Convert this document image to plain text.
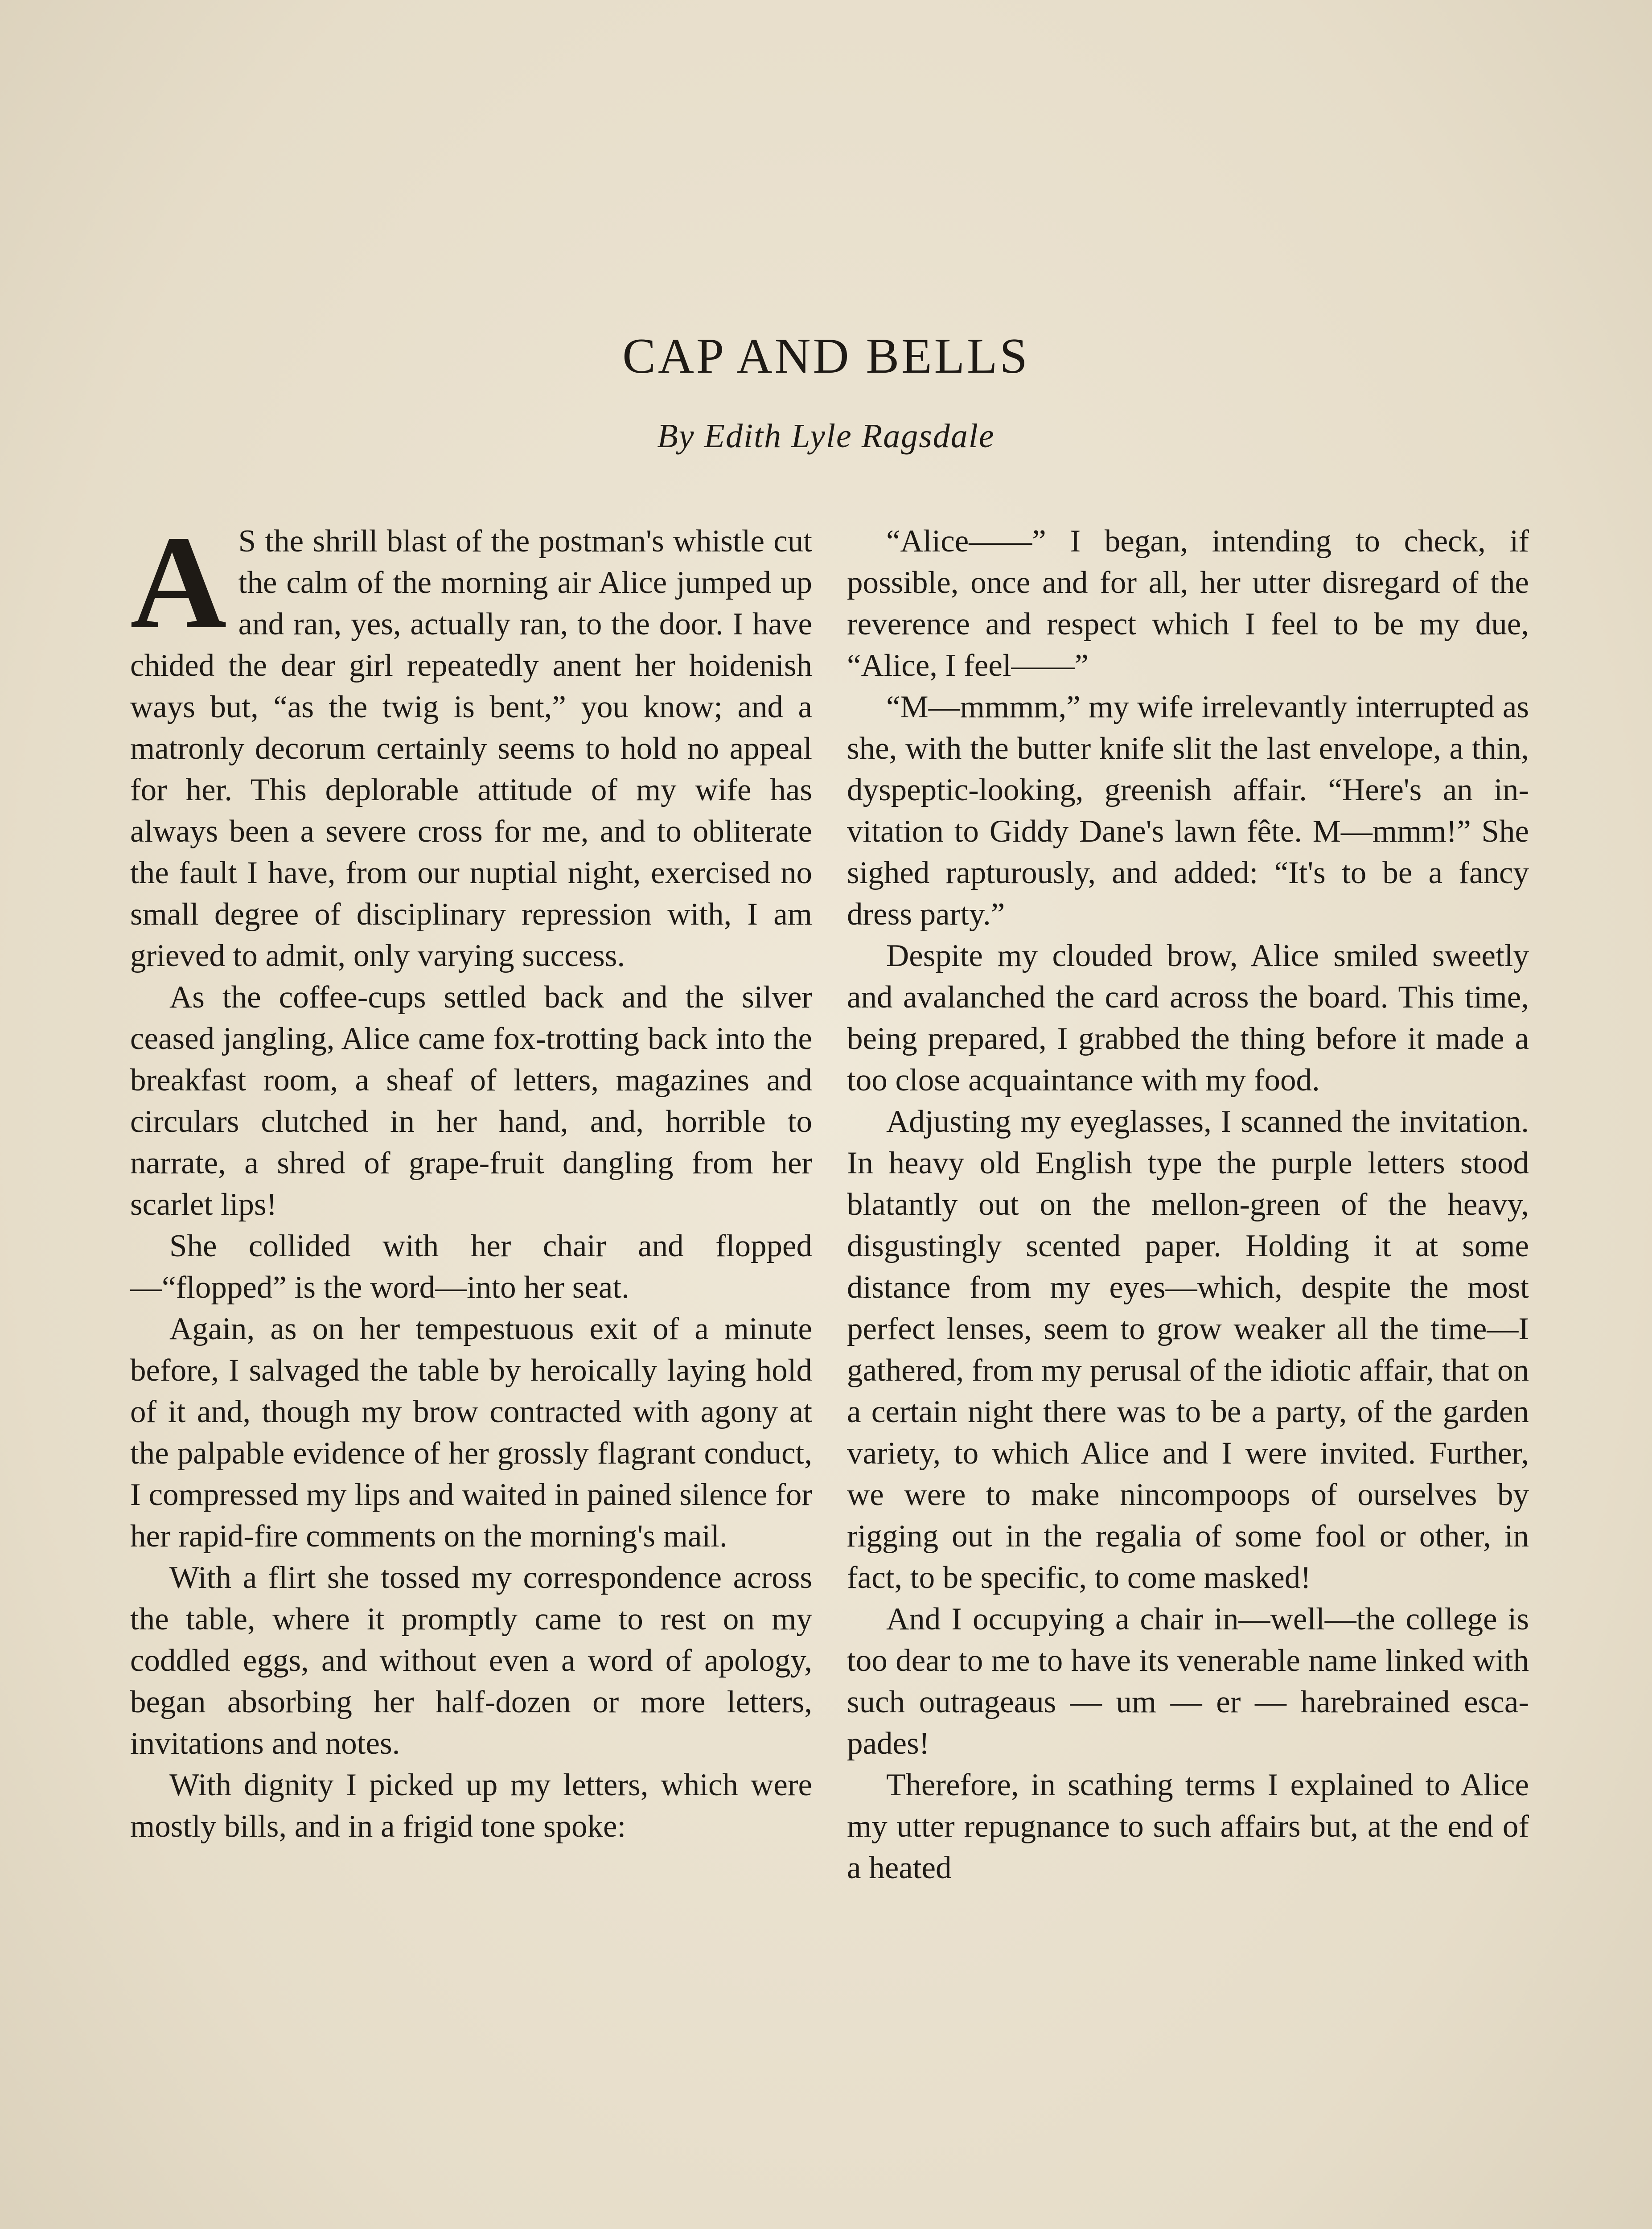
CAP AND BELLS
By Edith Lyle Ragsdale

A S the shrill blast of the postman's whistle cut the calm of the morning air Alice jumped up and ran, yes, actually ran, to the door. I have chided the dear girl repeatedly anent her hoidenish ways but, “as the twig is bent,” you know; and a matronly decorum certainly seems to hold no appeal for her. This deplorable attitude of my wife has always been a severe cross for me, and to obliterate the fault I have, from our nuptial night, exercised no small degree of disciplinary repression with, I am grieved to admit, only varying success.

As the coffee-cups settled back and the silver ceased jangling, Alice came fox-trotting back into the breakfast room, a sheaf of letters, magazines and circulars clutched in her hand, and, horrible to narrate, a shred of grape-fruit dangling from her scarlet lips!

She collided with her chair and flopped—“flopped” is the word—into her seat.

Again, as on her tempestuous exit of a minute before, I salvaged the table by heroically laying hold of it and, though my brow contracted with agony at the palpable evidence of her grossly flagrant conduct, I compressed my lips and waited in pained silence for her rapid-fire comments on the morning's mail.

With a flirt she tossed my correspondence across the table, where it promptly came to rest on my coddled eggs, and without even a word of apology, began absorbing her half-dozen or more letters, invitations and notes.

With dignity I picked up my letters, which were mostly bills, and in a frigid tone spoke:

“Alice——” I began, intending to check, if possible, once and for all, her utter disregard of the reverence and respect which I feel to be my due, “Alice, I feel——”

“M—mmmm,” my wife irrelevantly interrupted as she, with the butter knife slit the last envelope, a thin, dyspeptic-looking, greenish affair. “Here's an invitation to Giddy Dane's lawn fête. M—mmm!” She sighed rapturously, and added: “It's to be a fancy dress party.”

Despite my clouded brow, Alice smiled sweetly and avalanched the card across the board. This time, being prepared, I grabbed the thing before it made a too close acquaintance with my food.

Adjusting my eyeglasses, I scanned the invitation. In heavy old English type the purple letters stood blatantly out on the mellon-green of the heavy, disgustingly scented paper. Holding it at some distance from my eyes—which, despite the most perfect lenses, seem to grow weaker all the time—I gathered, from my perusal of the idiotic affair, that on a certain night there was to be a party, of the garden variety, to which Alice and I were invited. Further, we were to make nincompoops of ourselves by rigging out in the regalia of some fool or other, in fact, to be specific, to come masked!

And I occupying a chair in—well—the college is too dear to me to have its venerable name linked with such outrageaus — um — er — harebrained escapades!

Therefore, in scathing terms I explained to Alice my utter repugnance to such affairs but, at the end of a heated
